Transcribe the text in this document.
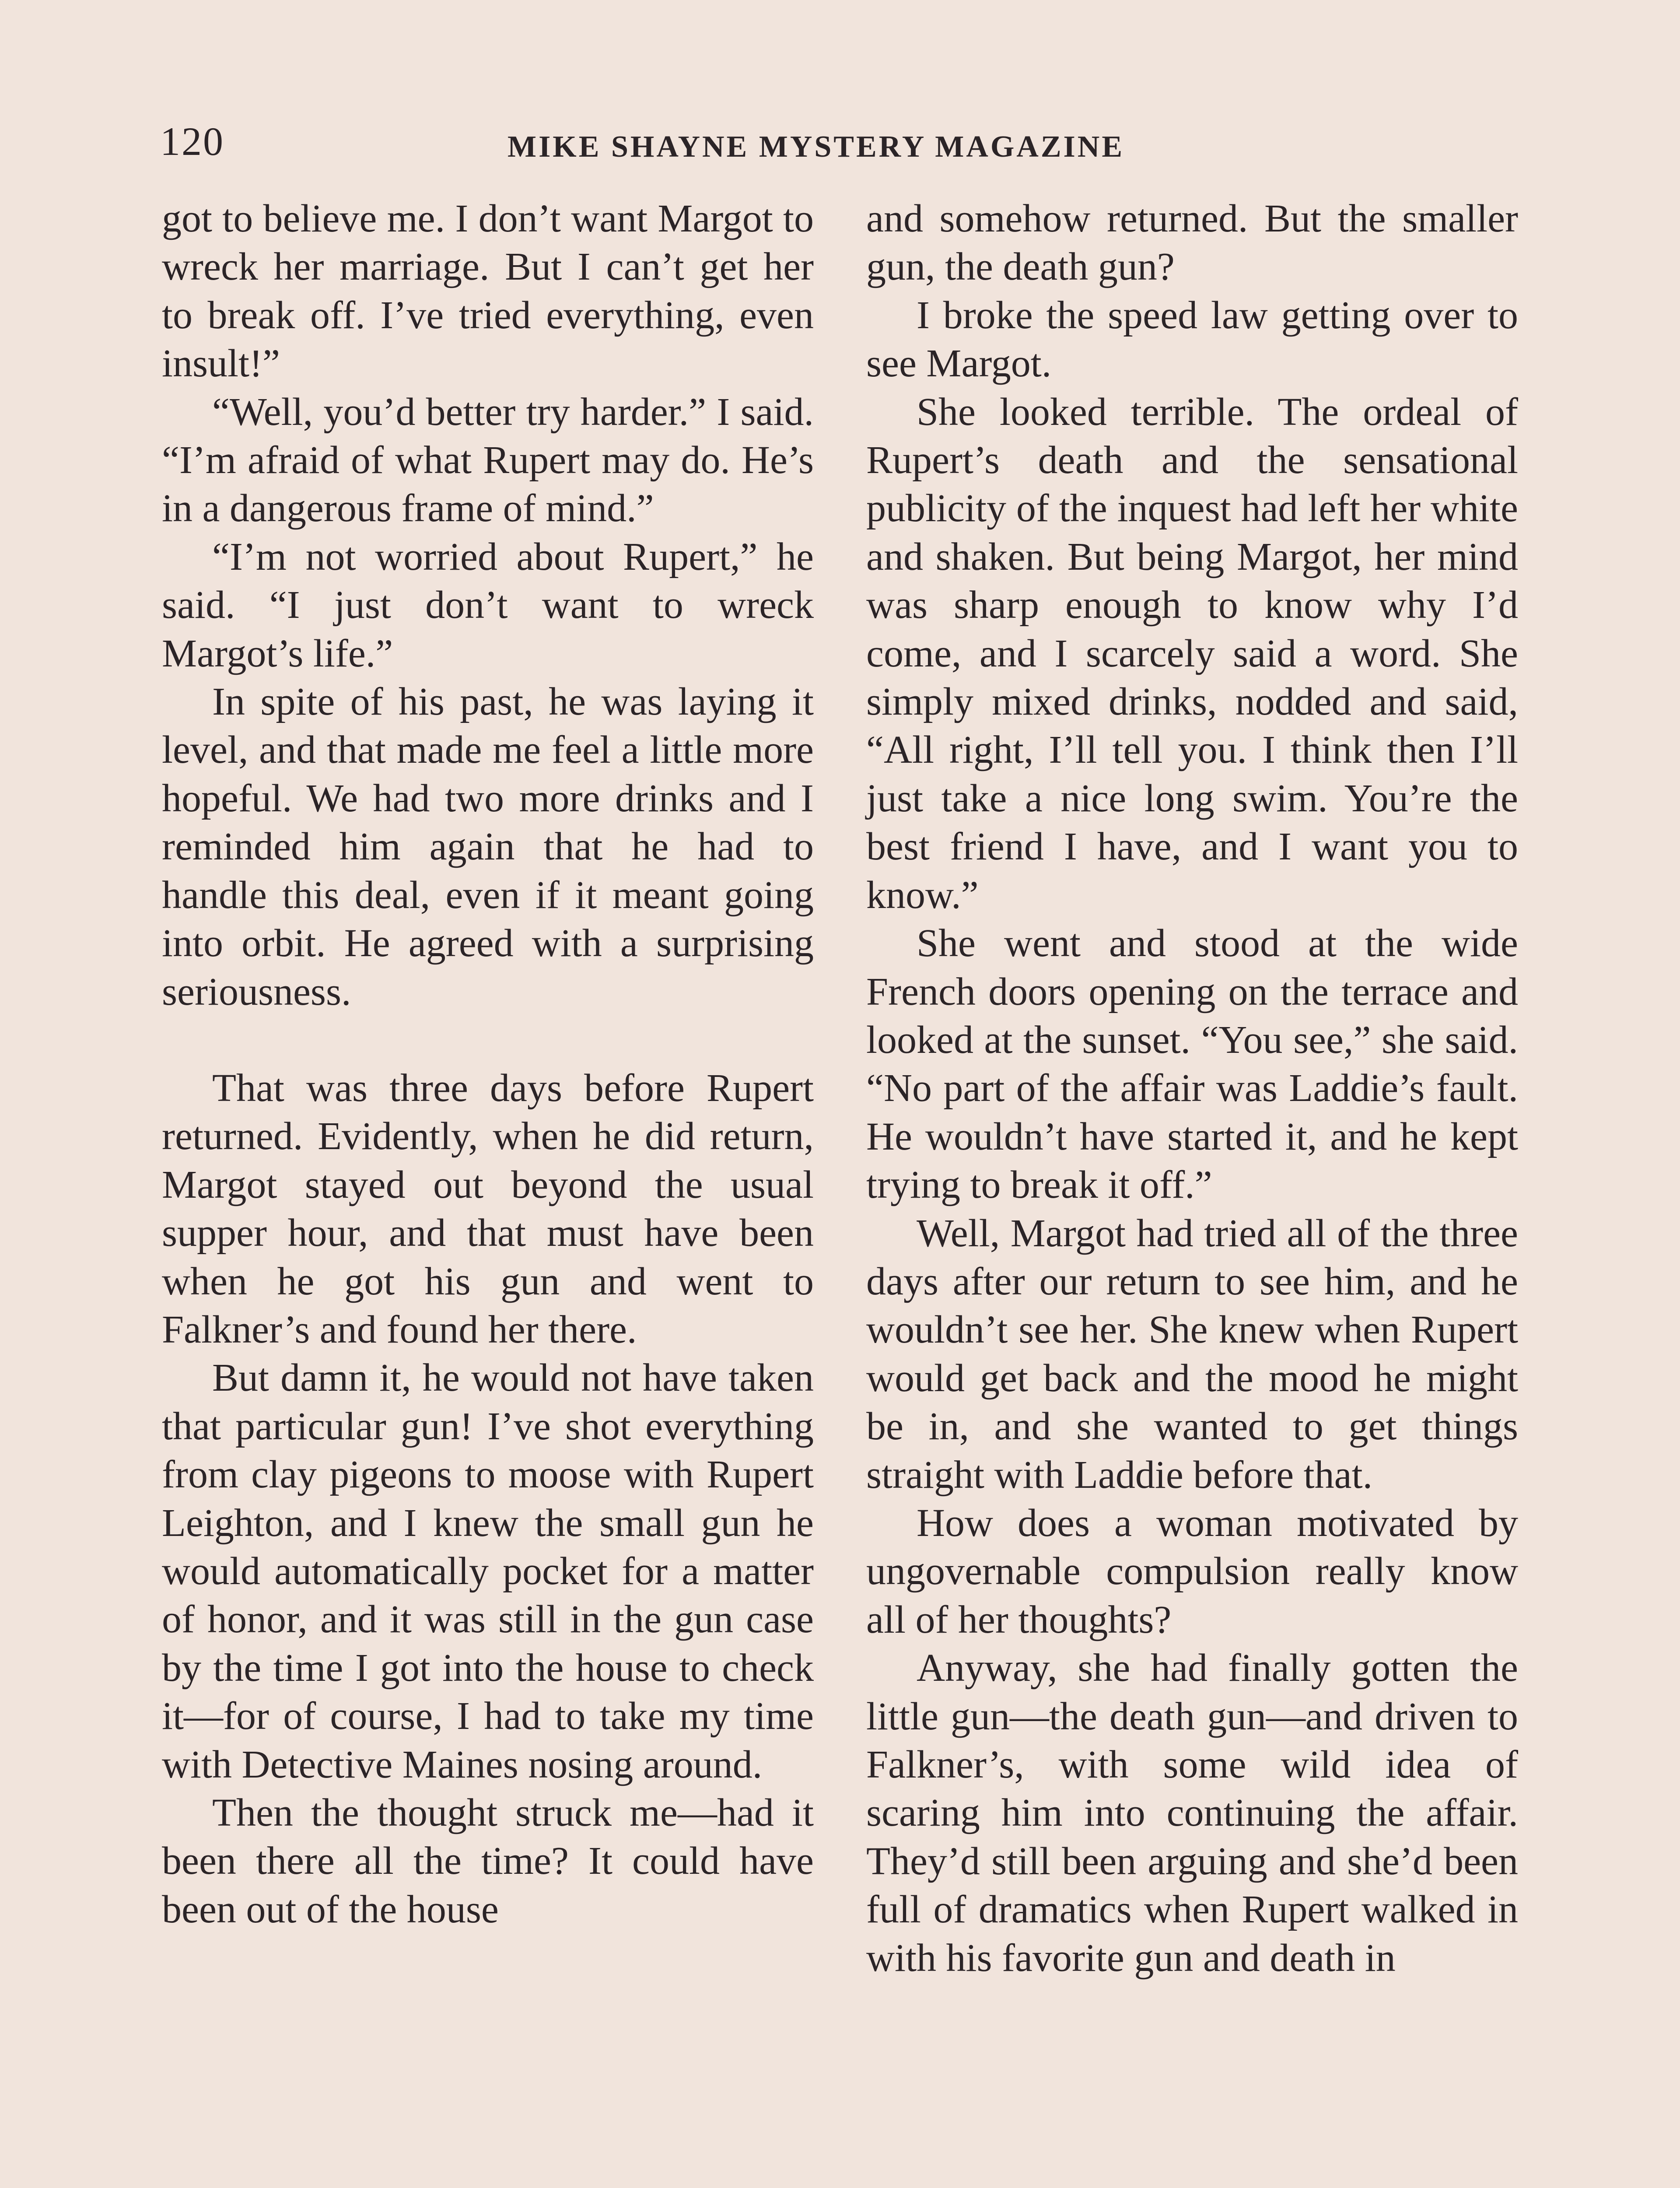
120	MIKE SHAYNE MYSTERY MAGAZINE

got to believe me. I don’t want Margot to wreck her marriage. But I can’t get her to break off. I’ve tried everything, even insult!”

“Well, you’d better try harder.” I said. “I’m afraid of what Rupert may do. He’s in a dangerous frame of mind.”

“I’m not worried about Rupert,” he said. “I just don’t want to wreck Margot’s life.”

In spite of his past, he was laying it level, and that made me feel a little more hopeful. We had two more drinks and I reminded him again that he had to handle this deal, even if it meant going into orbit. He agreed with a surprising seriousness.

That was three days before Rupert returned. Evidently, when he did return, Margot stayed out beyond the usual supper hour, and that must have been when he got his gun and went to Falkner’s and found her there.

But damn it, he would not have taken that particular gun! I’ve shot everything from clay pigeons to moose with Rupert Leighton, and I knew the small gun he would automatically pocket for a matter of honor, and it was still in the gun case by the time I got into the house to check it—for of course, I had to take my time with Detective Maines nosing around.

Then the thought struck me—had it been there all the time? It could have been out of the house

and somehow returned. But the smaller gun, the death gun?

I broke the speed law getting over to see Margot.

She looked terrible. The ordeal of Rupert’s death and the sensational publicity of the inquest had left her white and shaken. But being Margot, her mind was sharp enough to know why I’d come, and I scarcely said a word. She simply mixed drinks, nodded and said, “All right, I’ll tell you. I think then I’ll just take a nice long swim. You’re the best friend I have, and I want you to know.”

She went and stood at the wide French doors opening on the terrace and looked at the sunset. “You see,” she said. “No part of the affair was Laddie’s fault. He wouldn’t have started it, and he kept trying to break it off.”

Well, Margot had tried all of the three days after our return to see him, and he wouldn’t see her. She knew when Rupert would get back and the mood he might be in, and she wanted to get things straight with Laddie before that.

How does a woman motivated by ungovernable compulsion really know all of her thoughts?

Anyway, she had finally gotten the little gun—the death gun—and driven to Falkner’s, with some wild idea of scaring him into continuing the affair. They’d still been arguing and she’d been full of dramatics when Rupert walked in with his favorite gun and death in
